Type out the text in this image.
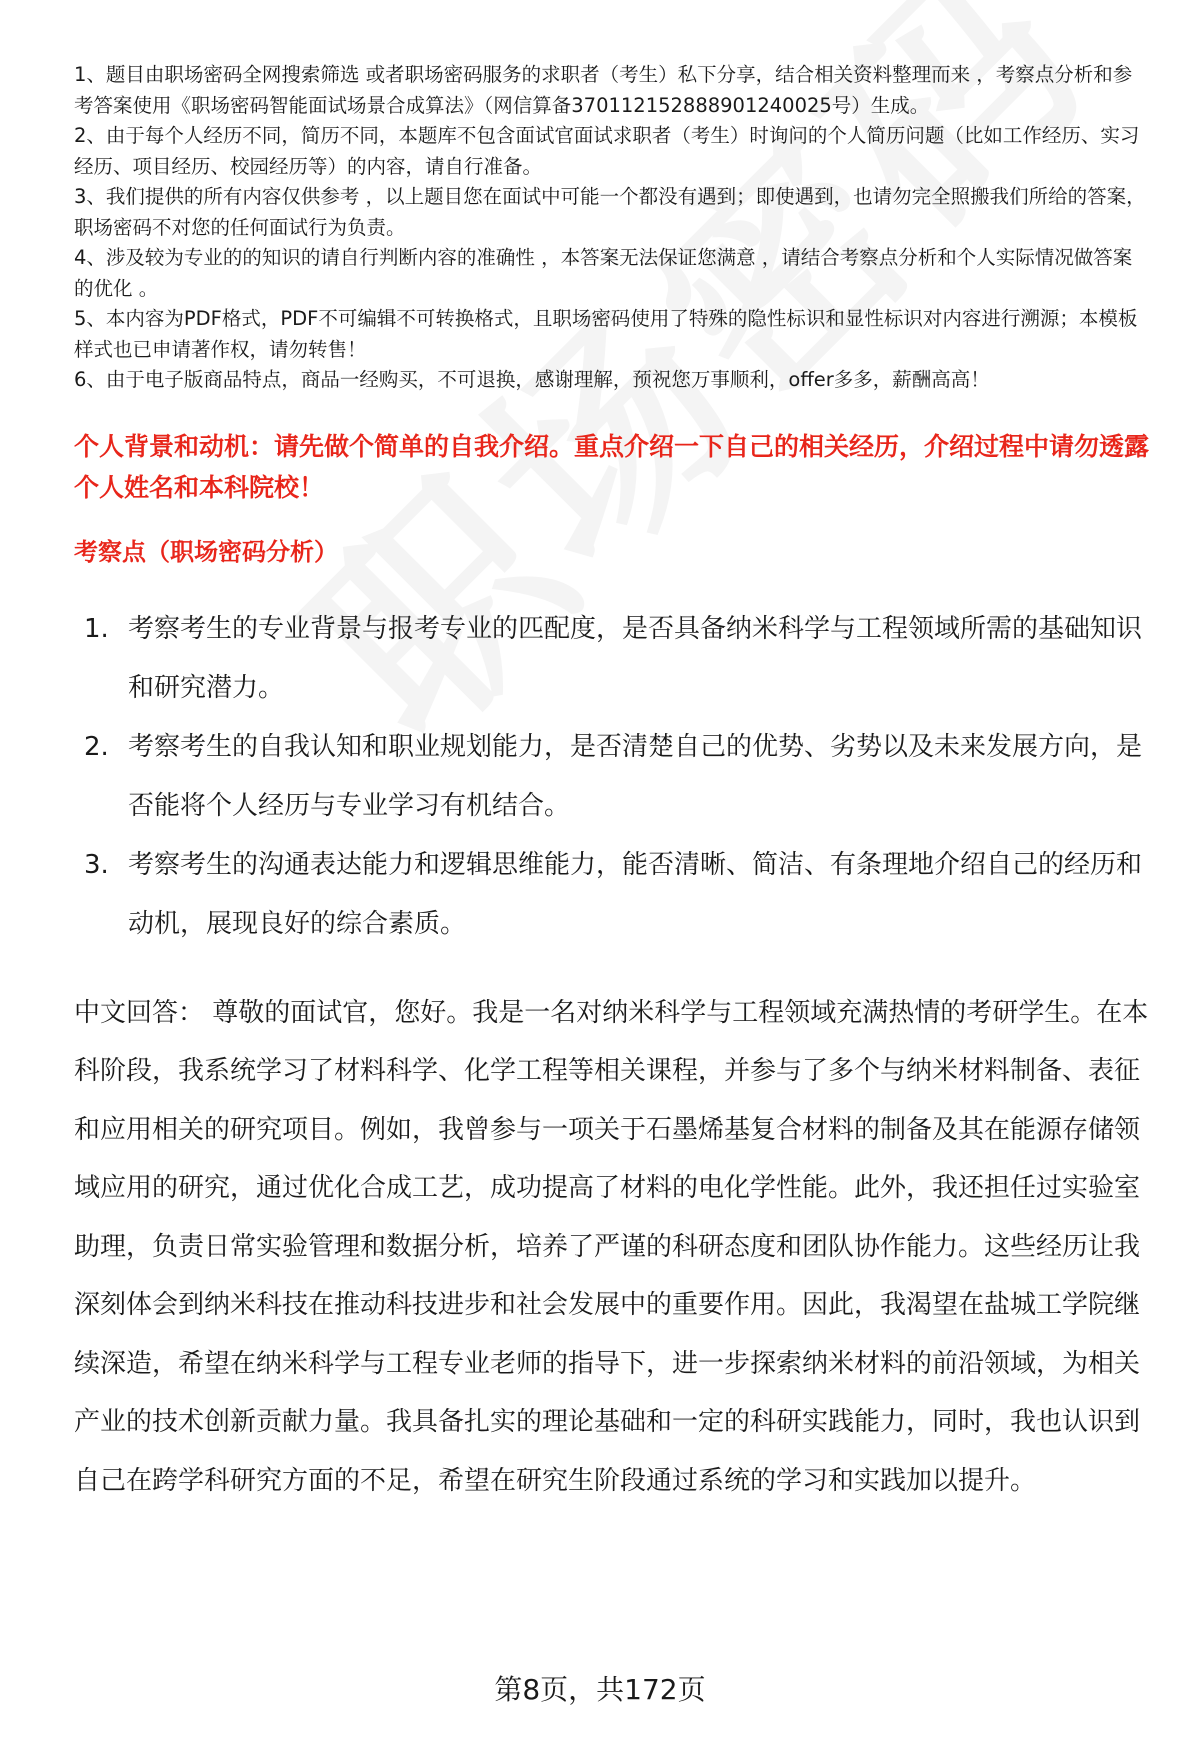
1、题目由职场密码全网搜索筛选 或者职场密码服务的求职者（考生）私下分享，结合相关资料整理而来 ，考察点分析和参考答案使用《职场密码智能面试场景合成算法》（网信算备370112152888901240025号）生成。

2、由于每个人经历不同，简历不同，本题库不包含面试官面试求职者（考生）时询问的个人简历问题（比如工作经历、实习经历、项目经历、校园经历等）的内容，请自行准备。

3、我们提供的所有内容仅供参考 ，以上题目您在面试中可能一个都没有遇到；即使遇到，也请勿完全照搬我们所给的答案，职场密码不对您的任何面试行为负责。

4、涉及较为专业的的知识的请自行判断内容的准确性 ，本答案无法保证您满意 ，请结合考察点分析和个人实际情况做答案的优化 。

5、本内容为PDF格式，PDF不可编辑不可转换格式，且职场密码使用了特殊的隐性标识和显性标识对内容进行溯源；本模板样式也已申请著作权，请勿转售！

6、由于电子版商品特点，商品一经购买，不可退换，感谢理解，预祝您万事顺利，offer多多，薪酬高高！

个人背景和动机：请先做个简单的自我介绍。重点介绍一下自己的相关经历，介绍过程中请勿透露个人姓名和本科院校！
考察点（职场密码分析）
1. 考察考生的专业背景与报考专业的匹配度，是否具备纳米科学与工程领域所需的基础知识和研究潜力。
2. 考察考生的自我认知和职业规划能力，是否清楚自己的优势、劣势以及未来发展方向，是否能将个人经历与专业学习有机结合。
3. 考察考生的沟通表达能力和逻辑思维能力，能否清晰、简洁、有条理地介绍自己的经历和动机，展现良好的综合素质。

中文回答： 尊敬的面试官，您好。我是一名对纳米科学与工程领域充满热情的考研学生。在本科阶段，我系统学习了材料科学、化学工程等相关课程，并参与了多个与纳米材料制备、表征和应用相关的研究项目。例如，我曾参与一项关于石墨烯基复合材料的制备及其在能源存储领域应用的研究，通过优化合成工艺，成功提高了材料的电化学性能。此外，我还担任过实验室助理，负责日常实验管理和数据分析，培养了严谨的科研态度和团队协作能力。这些经历让我深刻体会到纳米科技在推动科技进步和社会发展中的重要作用。因此，我渴望在盐城工学院继续深造，希望在纳米科学与工程专业老师的指导下，进一步探索纳米材料的前沿领域，为相关产业的技术创新贡献力量。我具备扎实的理论基础和一定的科研实践能力，同时，我也认识到自己在跨学科研究方面的不足，希望在研究生阶段通过系统的学习和实践加以提升。

第8页，共172页
